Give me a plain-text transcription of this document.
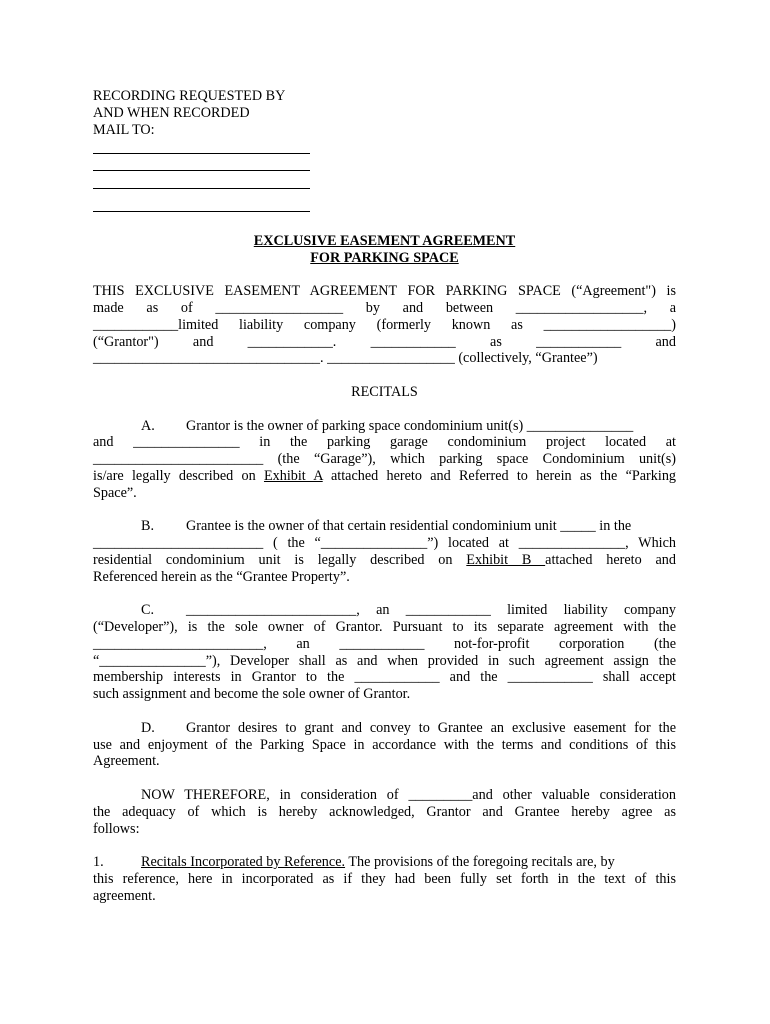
RECORDING REQUESTED BY
AND WHEN RECORDED
MAIL TO:
EXCLUSIVE EASEMENT AGREEMENT
FOR PARKING SPACE
THIS EXCLUSIVE EASEMENT AGREEMENT FOR PARKING SPACE (“Agreement") is
made as of __________________ by and between __________________, a
____________limited liability company (formerly known as __________________)
(“Grantor") and ____________. ____________ as ____________ and
________________________________. __________________ (collectively, “Grantee”)
RECITALS
A. Grantor is the owner of parking space condominium unit(s) _______________
and _______________ in the parking garage condominium project located at
________________________ (the “Garage”), which parking space Condominium unit(s)
is/are legally described on Exhibit A attached hereto and Referred to herein as the “Parking
Space”.
B. Grantee is the owner of that certain residential condominium unit _____ in the
________________________ ( the “_______________”) located at _______________, Which
residential condominium unit is legally described on Exhibit B attached hereto and
Referenced herein as the “Grantee Property”.
C. ________________________, an ____________ limited liability company
(“Developer”), is the sole owner of Grantor. Pursuant to its separate agreement with the
________________________, an ____________ not-for-profit corporation (the
“_______________”), Developer shall as and when provided in such agreement assign the
membership interests in Grantor to the ____________ and the ____________ shall accept
such assignment and become the sole owner of Grantor.
D. Grantor desires to grant and convey to Grantee an exclusive easement for the
use and enjoyment of the Parking Space in accordance with the terms and conditions of this
Agreement.
NOW THEREFORE, in consideration of _________and other valuable consideration
the adequacy of which is hereby acknowledged, Grantor and Grantee hereby agree as
follows:
1.	Recitals Incorporated by Reference. The provisions of the foregoing recitals are, by
this reference, here in incorporated as if they had been fully set forth in the text of this
agreement.
